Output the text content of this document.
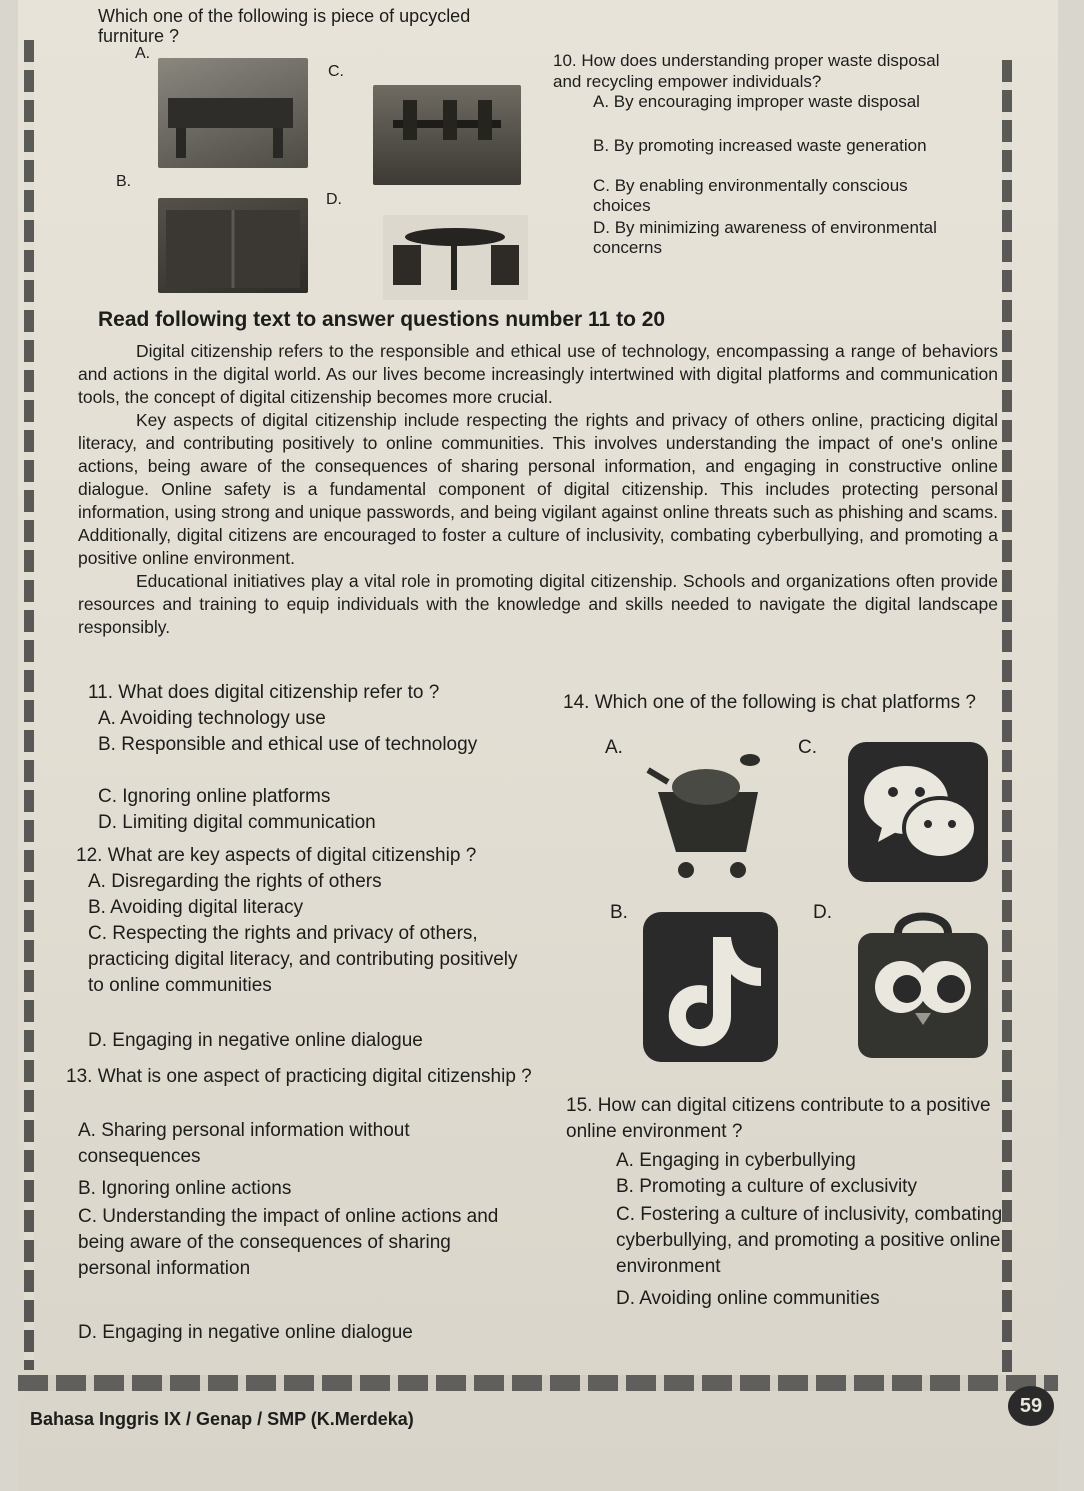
Which one of the following is piece of upcycled furniture ?
A.
C.
B.
D.
10. How does understanding proper waste disposal and recycling empower individuals?
A. By encouraging improper waste disposal
B. By promoting increased waste generation
C. By enabling environmentally conscious choices
D. By minimizing awareness of environmental concerns
Read following text to answer questions number 11 to 20

Digital citizenship refers to the responsible and ethical use of technology, encompassing a range of behaviors and actions in the digital world. As our lives become increasingly intertwined with digital platforms and communication tools, the concept of digital citizenship becomes more crucial.

Key aspects of digital citizenship include respecting the rights and privacy of others online, practicing digital literacy, and contributing positively to online communities. This involves understanding the impact of one's online actions, being aware of the consequences of sharing personal information, and engaging in constructive online dialogue. Online safety is a fundamental component of digital citizenship. This includes protecting personal information, using strong and unique passwords, and being vigilant against online threats such as phishing and scams. Additionally, digital citizens are encouraged to foster a culture of inclusivity, combating cyberbullying, and promoting a positive online environment.

Educational initiatives play a vital role in promoting digital citizenship. Schools and organizations often provide resources and training to equip individuals with the knowledge and skills needed to navigate the digital landscape responsibly.

11. What does digital citizenship refer to ?
A. Avoiding technology use
B. Responsible and ethical use of technology
C. Ignoring online platforms
D. Limiting digital communication
12. What are key aspects of digital citizenship ?
A. Disregarding the rights of others
B. Avoiding digital literacy
C. Respecting the rights and privacy of others, practicing digital literacy, and contributing positively to online communities
D. Engaging in negative online dialogue
13. What is one aspect of practicing digital citizenship ?
A. Sharing personal information without consequences
B. Ignoring online actions
C. Understanding the impact of online actions and being aware of the consequences of sharing personal information
D. Engaging in negative online dialogue
14. Which one of the following is chat platforms ?
A.	C.
B.	D.
15. How can digital citizens contribute to a positive online environment ?
A. Engaging in cyberbullying
B. Promoting a culture of exclusivity
C. Fostering a culture of inclusivity, combating cyberbullying, and promoting a positive online environment
D. Avoiding online communities
59
Bahasa Inggris IX / Genap / SMP (K.Merdeka)
